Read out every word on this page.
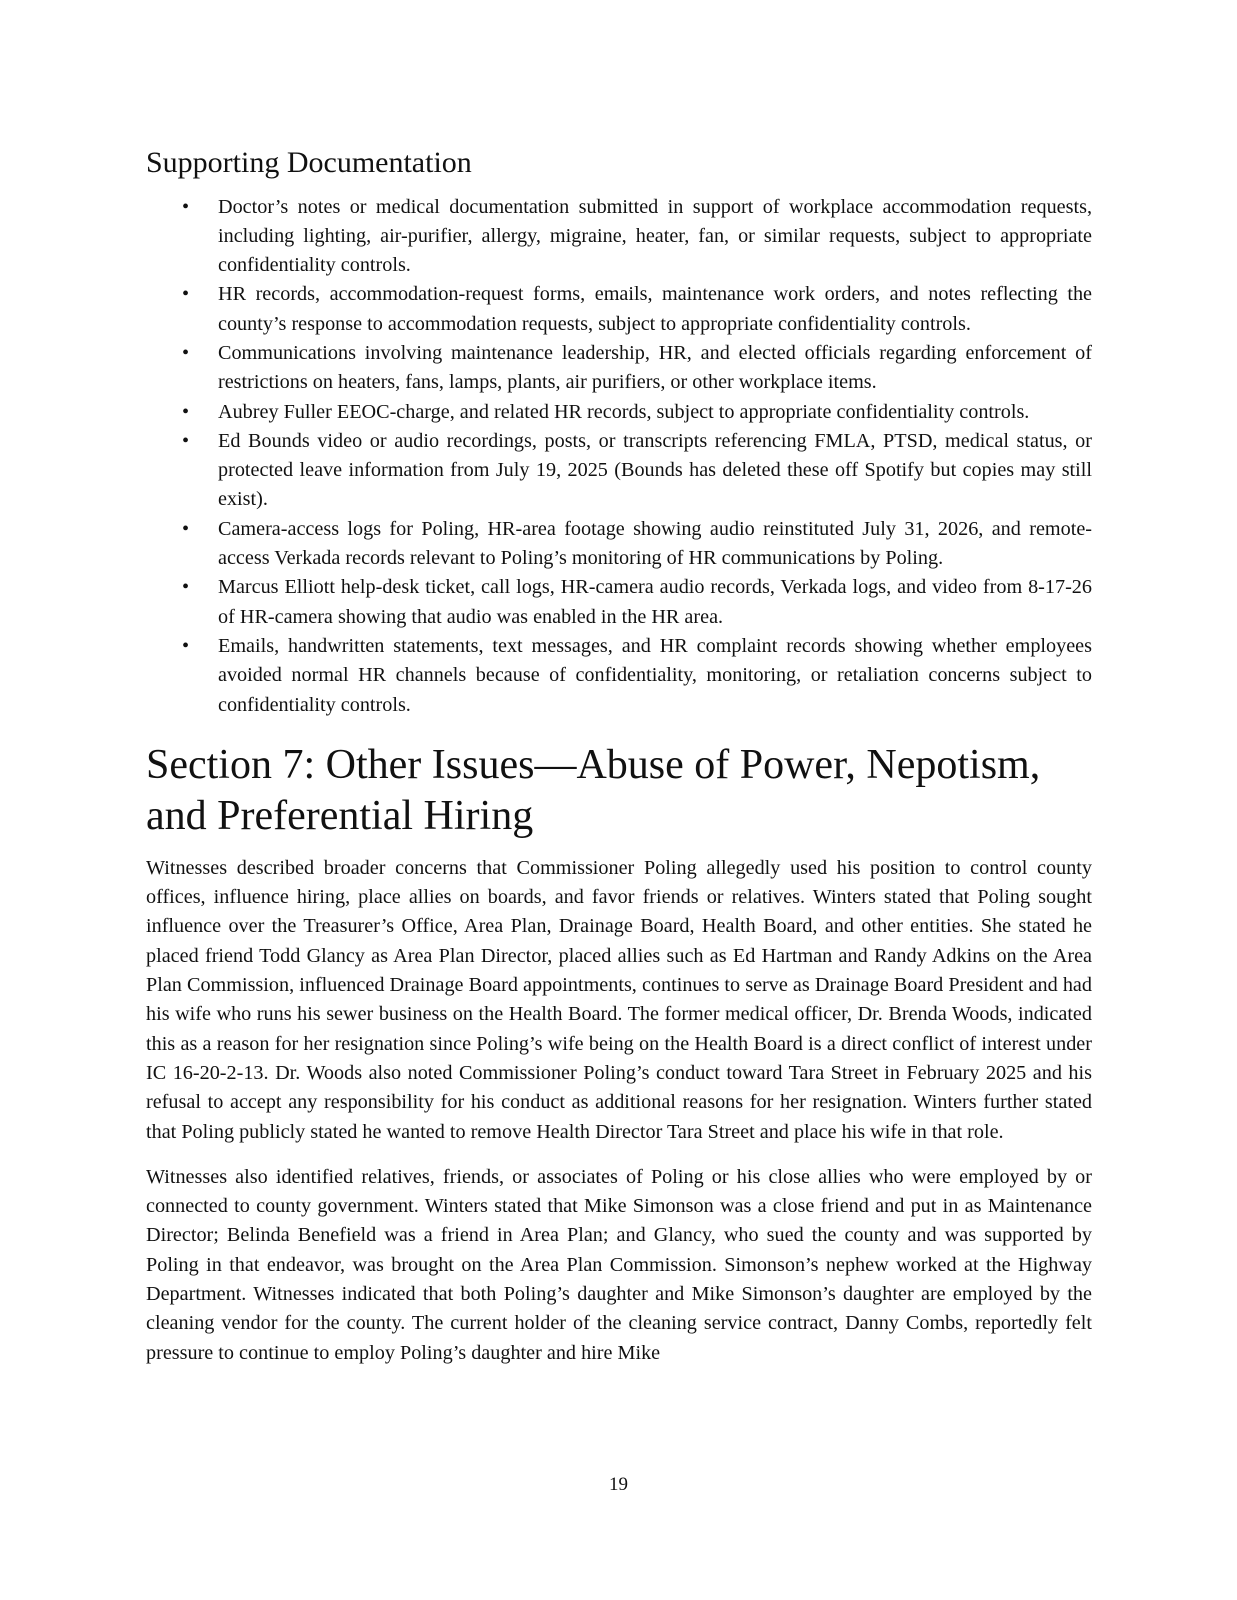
Supporting Documentation
• Doctor’s notes or medical documentation submitted in support of workplace accommodation requests, including lighting, air-purifier, allergy, migraine, heater, fan, or similar requests, subject to appropriate confidentiality controls.
• HR records, accommodation-request forms, emails, maintenance work orders, and notes reflecting the county’s response to accommodation requests, subject to appropriate confidentiality controls.
• Communications involving maintenance leadership, HR, and elected officials regarding enforcement of restrictions on heaters, fans, lamps, plants, air purifiers, or other workplace items.
• Aubrey Fuller EEOC-charge, and related HR records, subject to appropriate confidentiality controls.
• Ed Bounds video or audio recordings, posts, or transcripts referencing FMLA, PTSD, medical status, or protected leave information from July 19, 2025 (Bounds has deleted these off Spotify but copies may still exist).
• Camera-access logs for Poling, HR-area footage showing audio reinstituted July 31, 2026, and remote-access Verkada records relevant to Poling’s monitoring of HR communications by Poling.
• Marcus Elliott help-desk ticket, call logs, HR-camera audio records, Verkada logs, and video from 8-17-26 of HR-camera showing that audio was enabled in the HR area.
• Emails, handwritten statements, text messages, and HR complaint records showing whether employees avoided normal HR channels because of confidentiality, monitoring, or retaliation concerns subject to confidentiality controls.
Section 7: Other Issues—Abuse of Power, Nepotism, and Preferential Hiring

Witnesses described broader concerns that Commissioner Poling allegedly used his position to control county offices, influence hiring, place allies on boards, and favor friends or relatives. Winters stated that Poling sought influence over the Treasurer’s Office, Area Plan, Drainage Board, Health Board, and other entities. She stated he placed friend Todd Glancy as Area Plan Director, placed allies such as Ed Hartman and Randy Adkins on the Area Plan Commission, influenced Drainage Board appointments, continues to serve as Drainage Board President and had his wife who runs his sewer business on the Health Board. The former medical officer, Dr. Brenda Woods, indicated this as a reason for her resignation since Poling’s wife being on the Health Board is a direct conflict of interest under IC 16-20-2-13. Dr. Woods also noted Commissioner Poling’s conduct toward Tara Street in February 2025 and his refusal to accept any responsibility for his conduct as additional reasons for her resignation. Winters further stated that Poling publicly stated he wanted to remove Health Director Tara Street and place his wife in that role.

Witnesses also identified relatives, friends, or associates of Poling or his close allies who were employed by or connected to county government. Winters stated that Mike Simonson was a close friend and put in as Maintenance Director; Belinda Benefield was a friend in Area Plan; and Glancy, who sued the county and was supported by Poling in that endeavor, was brought on the Area Plan Commission. Simonson’s nephew worked at the Highway Department. Witnesses indicated that both Poling’s daughter and Mike Simonson’s daughter are employed by the cleaning vendor for the county. The current holder of the cleaning service contract, Danny Combs, reportedly felt pressure to continue to employ Poling’s daughter and hire Mike

19
